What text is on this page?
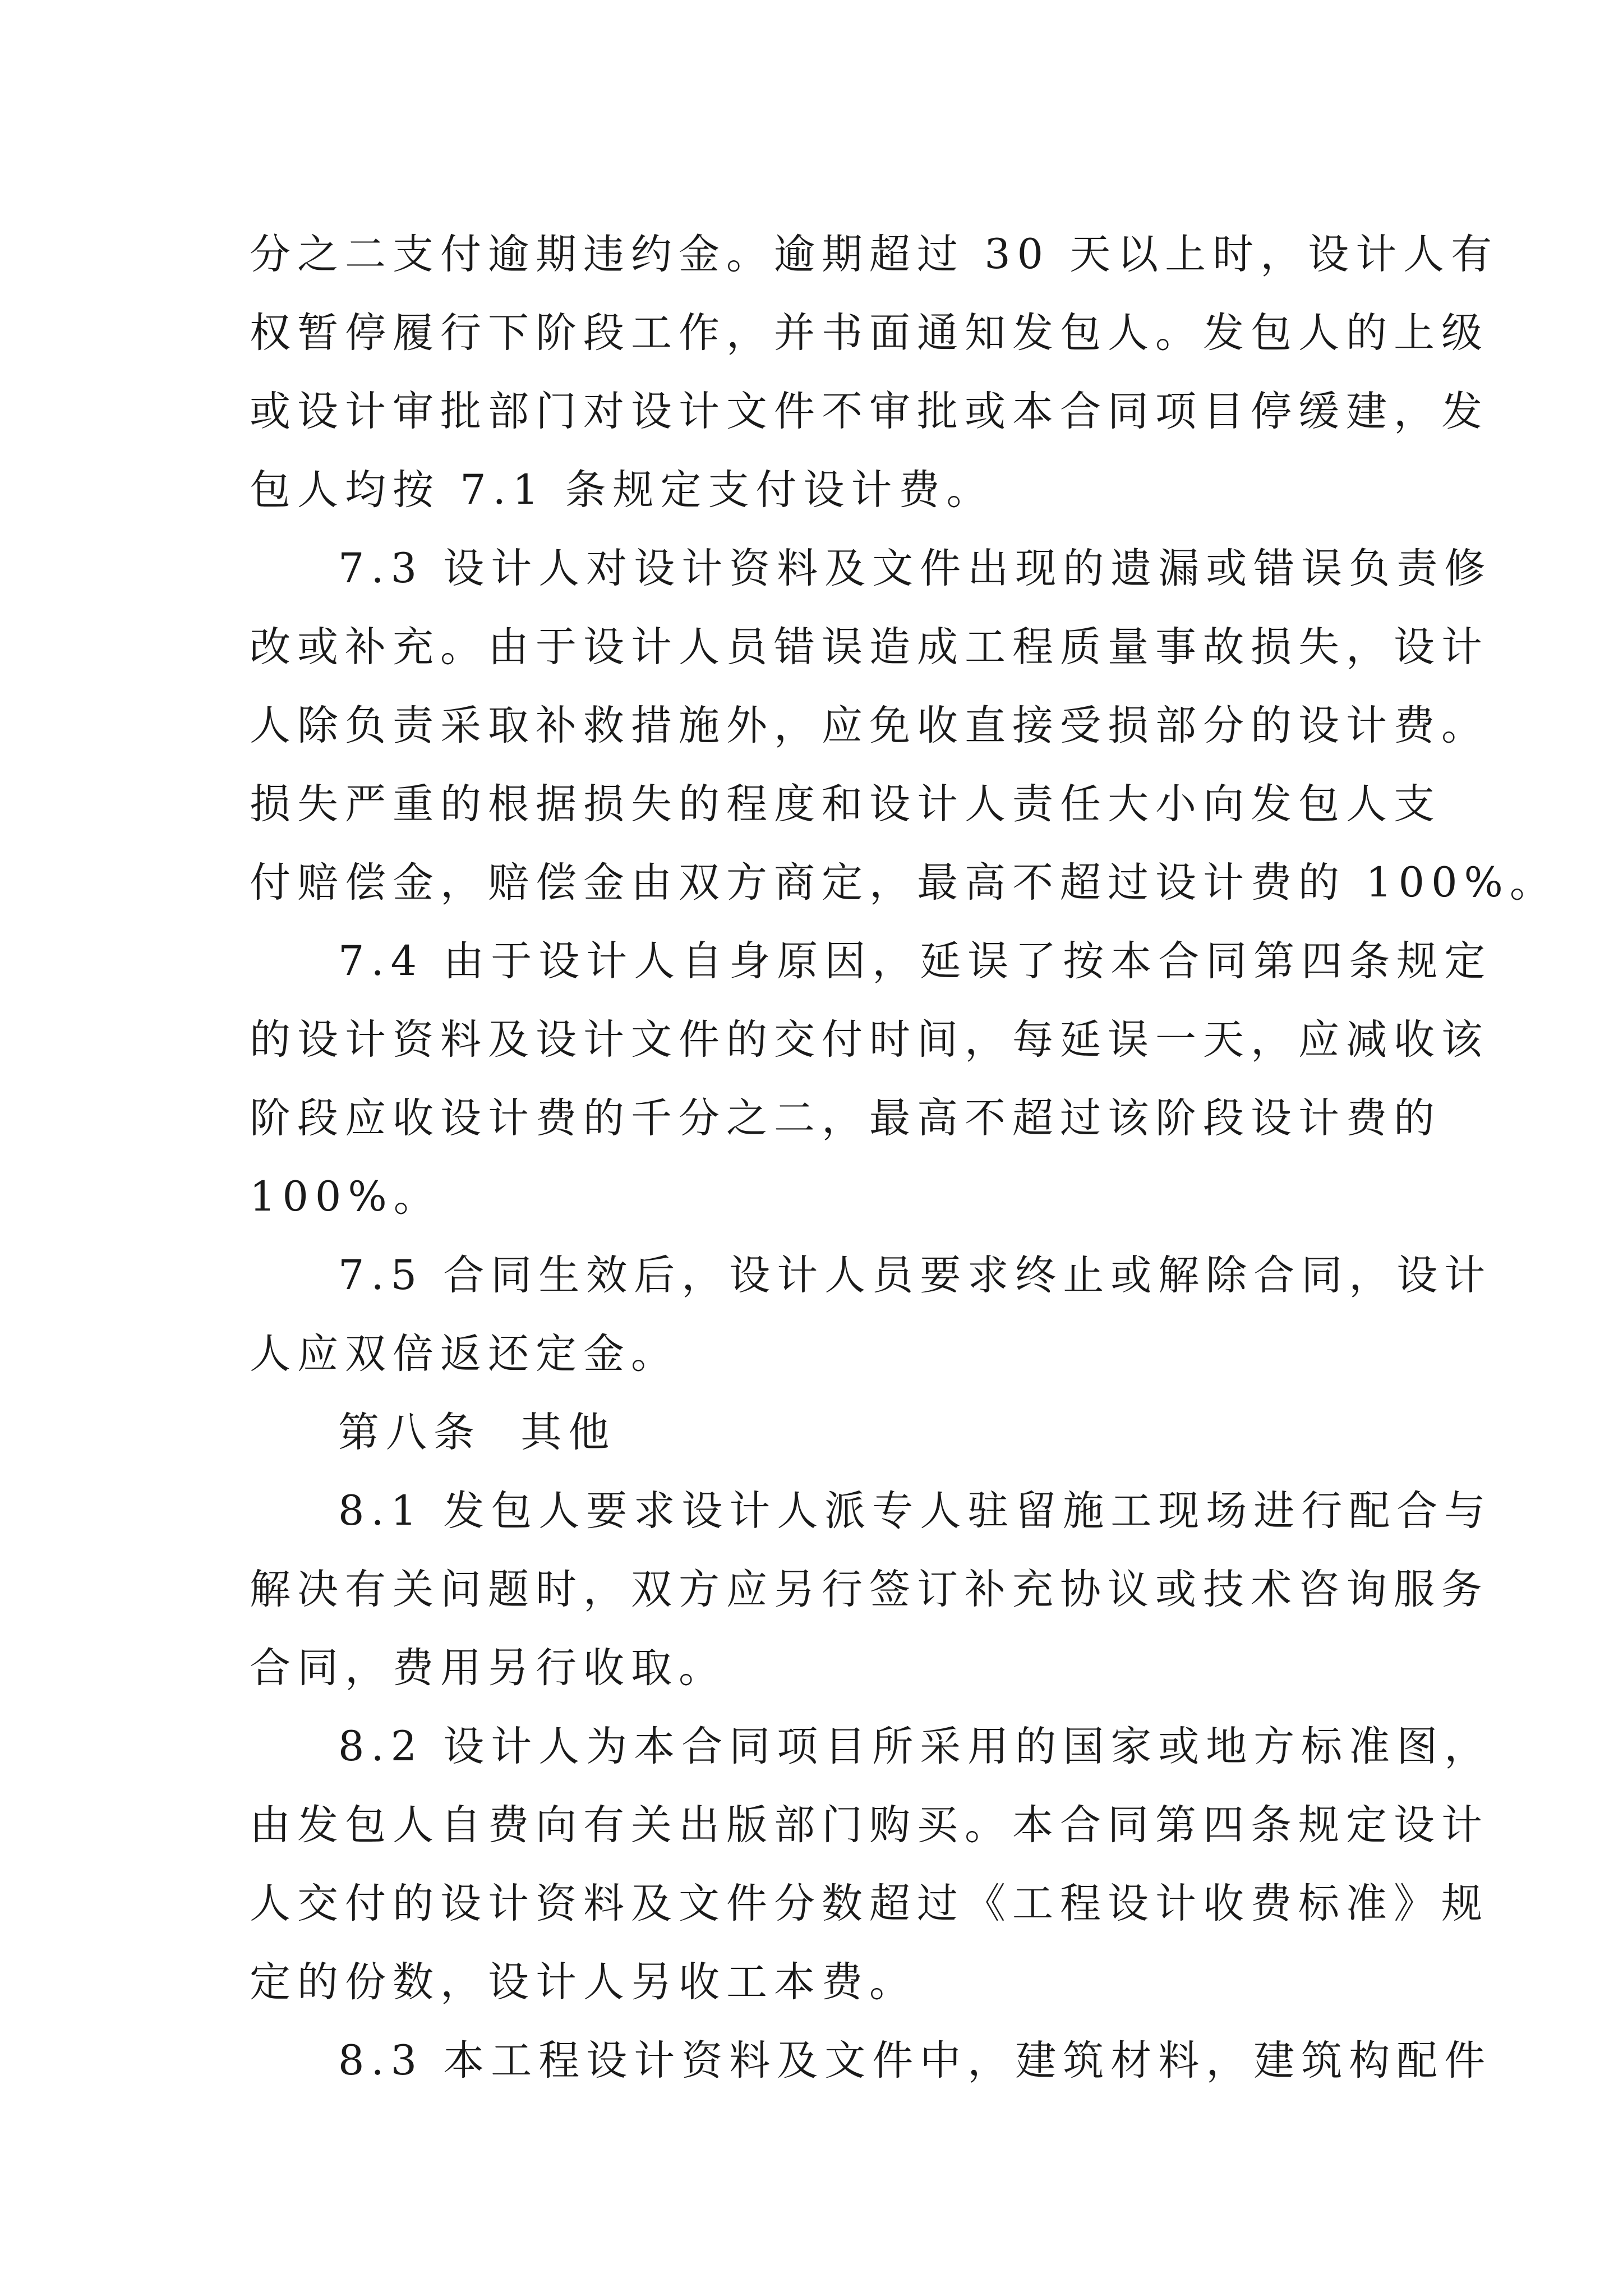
分之二支付逾期违约金。逾期超过 30 天以上时，设计人有
权暂停履行下阶段工作，并书面通知发包人。发包人的上级
或设计审批部门对设计文件不审批或本合同项目停缓建，发
包人均按 7.1 条规定支付设计费。
7.3 设计人对设计资料及文件出现的遗漏或错误负责修
改或补充。由于设计人员错误造成工程质量事故损失，设计
人除负责采取补救措施外，应免收直接受损部分的设计费。
损失严重的根据损失的程度和设计人责任大小向发包人支
付赔偿金，赔偿金由双方商定，最高不超过设计费的 100%。
7.4 由于设计人自身原因，延误了按本合同第四条规定
的设计资料及设计文件的交付时间，每延误一天，应减收该
阶段应收设计费的千分之二，最高不超过该阶段设计费的
100%。
7.5 合同生效后，设计人员要求终止或解除合同，设计
人应双倍返还定金。
第八条  其他
8.1 发包人要求设计人派专人驻留施工现场进行配合与
解决有关问题时，双方应另行签订补充协议或技术咨询服务
合同，费用另行收取。
8.2 设计人为本合同项目所采用的国家或地方标准图，
由发包人自费向有关出版部门购买。本合同第四条规定设计
人交付的设计资料及文件分数超过《工程设计收费标准》规
定的份数，设计人另收工本费。
8.3 本工程设计资料及文件中，建筑材料，建筑构配件
